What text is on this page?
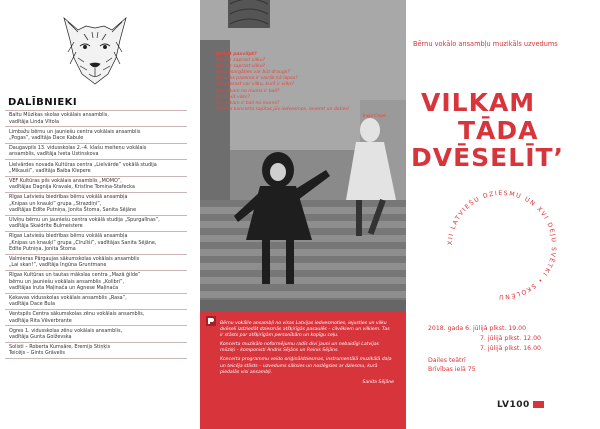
DALĪBNIEKI
Baltu Mūzikas skolas vokālais ansamblis,
vadītāja Linda Vītola
Limbažu bērnu un jauniešu centra vokālais ansamblis
„Pogas”, vadītāja Dace Kabule
Daugavpils 13. vidusskolas 2.–4. klašu meiteņu vokālais
ansamblis, vadītāja Iveta Ustinskova
Lielvārdes novada Kultūras centra „Lielvārde” vokālā studija
„Mikauši”, vadītāja Baiba Klepere
VEF Kultūras pils vokālais ansamblis „MOMO”,
vadītājas Dagnija Kravale, Kristīne Tomiņa-Stafecka
Rīgas Latviešu biedrības bērnu vokālā ansambļa
„Knipas un knauķi” grupa „Strazdiņi”,
vadītājas Edīte Putniņa, Jonita Štoma, Sanita Sējāne
Ulvīņu bērnu un jauniešu centra vokālā studija „Spurgalīnas”,
vadītāja Skaidrīte Bulmeistere
Rīgas Latviešu biedrības bērnu vokālā ansambļa
„Knipas un knauķi” grupa „Cīrulīši”, vadītājas Sanita Sējāne,
Edīte Putniņa, Jonita Štoma
Valmieras Pārgaujas sākumskolas vokālais ansamblis
„Lai skan!”, vadītāja Ingūna Gruntmane
Rīgas Kultūras un tautas mākslas centra „Mazā ģilde”
bērnu un jauniešu vokālais ansamblis „Kolibri”,
vadītājas Iruta Maļinača un Agnese Maļinača
Ķekavas vidusskolas vokālais ansamblis „Rasa”,
vadītāja Dace Bula
Ventspils Centra sākumskolas zēnu vokālais ansamblis,
vadītāja Rita Vēverbrante
Ogres 1. vidusskolas zēnu vokālais ansamblis,
vadītāja Gunta Goiževska
Solisti – Roberta Kumsāre, Eremijs Stiņķis
Teicējs – Gints Grāvelis
Drīkst pasvilpt?
Vai var saprast vilku?
Vai var saprast vilku?
Vai aizsargāties var būt draugs?
Vai vilks pazemo ir vairāk kā lapsa?
Vai saprast var vilku, kurš ir vilks?
Vai vilkam no mums ir bail?
Kā ir būt vilks?
Vai vilkam ir bail no mums?
Vilcēns koncerta sajūtas jūs iedvesmos, ieņemt un doties!
Inga Cepe

Bērnu vokālie ansambļi no visas Latvijas iedvesmoties, iejusties un vilku dvēseli izdziedāt dziesmās atšķirīgās pasaulēs – cilvēkiem un vilkiem. Tas ir stāsts par atšķirīgām personībām un kopīgu ceļu.

Koncerta muzikālo noformējumu radīs divi jauni un nebaidīgi Latvijas mūziķi – komponisti Andris Sējāns un Reinis Sējāns.

Koncerta programmu veido oriģināldziesmas, instrumentālā muzikālā daļa un teicēja stāsts – uzvedums sāksies un noslēgsies ar dziesmu, kurā piedalās visi ansambļi.

Sanita Sējāne
Bērnu vokālo ansambļu muzikāls uzvedums
VILKAM
TĀDA
DVĒSELĪT’
XII LATVIEŠU DZIESMU UN XVI DEJU SVĒTKI • SKOLĒNU
2018. gada 6. jūlijā plkst. 19.00
7. jūlijā plkst. 12.00
7. jūlijā plkst. 16.00
Dailes teātrī
Brīvības ielā 75
LV100
